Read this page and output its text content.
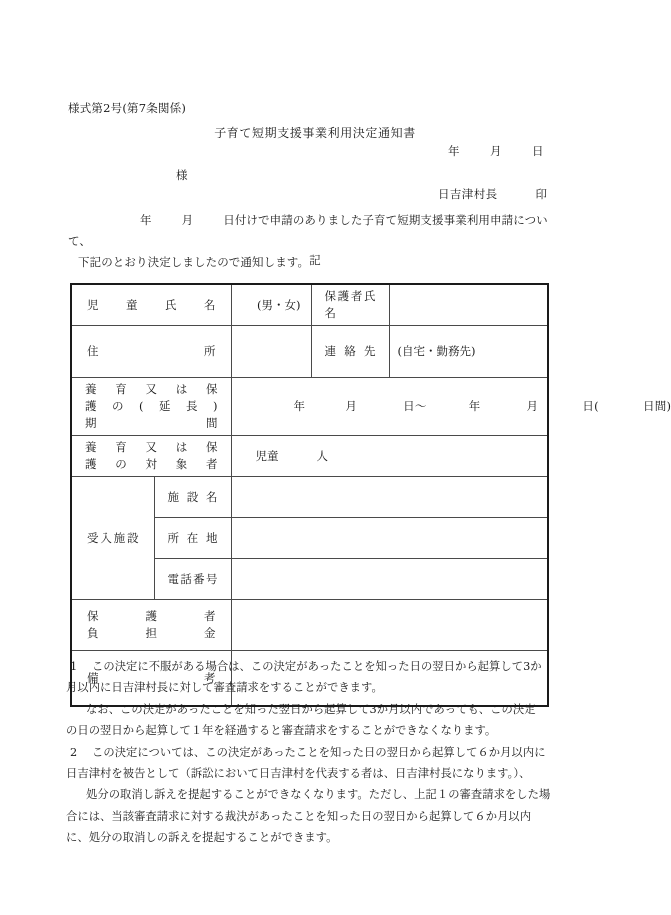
様式第2号(第7条関係)
子育て短期支援事業利用決定通知書
年	月	日
様
日吉津村長	印
年	月	日付けで申請のありました子育て短期支援事業利用申請について、
下記のとおり決定しましたので通知します。 記
児童氏名		(男・女)	保護者氏名	

住所			連絡先	(自宅・勤務先)

養育又は保
護の(延長)
期間		年 月 日～ 年 月 日( 日間)		

養育又は保
護の対象者		児童 人		

受入施設	施設名			

	所在地			

	電話番号			

保護者
負担金				

備考				

1 この決定に不服がある場合は、この決定があったことを知った日の翌日から起算して3か
月以内に日吉津村長に対して審査請求をすることができます。
なお、この決定があったことを知った翌日から起算して3か月以内であっても、この決定
の日の翌日から起算して１年を経過すると審査請求をすることができなくなります。
2 この決定については、この決定があったことを知った日の翌日から起算して６か月以内に
日吉津村を被告として（訴訟において日吉津村を代表する者は、日吉津村長になります。）、
処分の取消し訴えを提起することができなくなります。ただし、上記１の審査請求をした場
合には、当該審査請求に対する裁決があったことを知った日の翌日から起算して６か月以内
に、処分の取消しの訴えを提起することができます。
